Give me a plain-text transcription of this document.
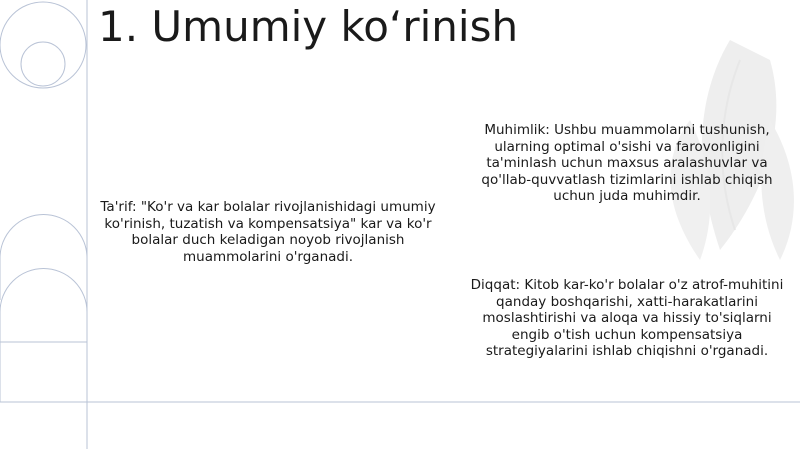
1. Umumiy ko‘rinish

Ta'rif: "Ko'r va kar bolalar rivojlanishidagi umumiy ko'rinish, tuzatish va kompensatsiya" kar va ko'r bolalar duch keladigan noyob rivojlanish muammolarini o'rganadi.

Muhimlik: Ushbu muammolarni tushunish, ularning optimal o'sishi va farovonligini ta'minlash uchun maxsus aralashuvlar va qo'llab-quvvatlash tizimlarini ishlab chiqish uchun juda muhimdir.

Diqqat: Kitob kar-ko'r bolalar o'z atrof-muhitini qanday boshqarishi, xatti-harakatlarini moslashtirishi va aloqa va hissiy to'siqlarni engib o'tish uchun kompensatsiya strategiyalarini ishlab chiqishni o'rganadi.
